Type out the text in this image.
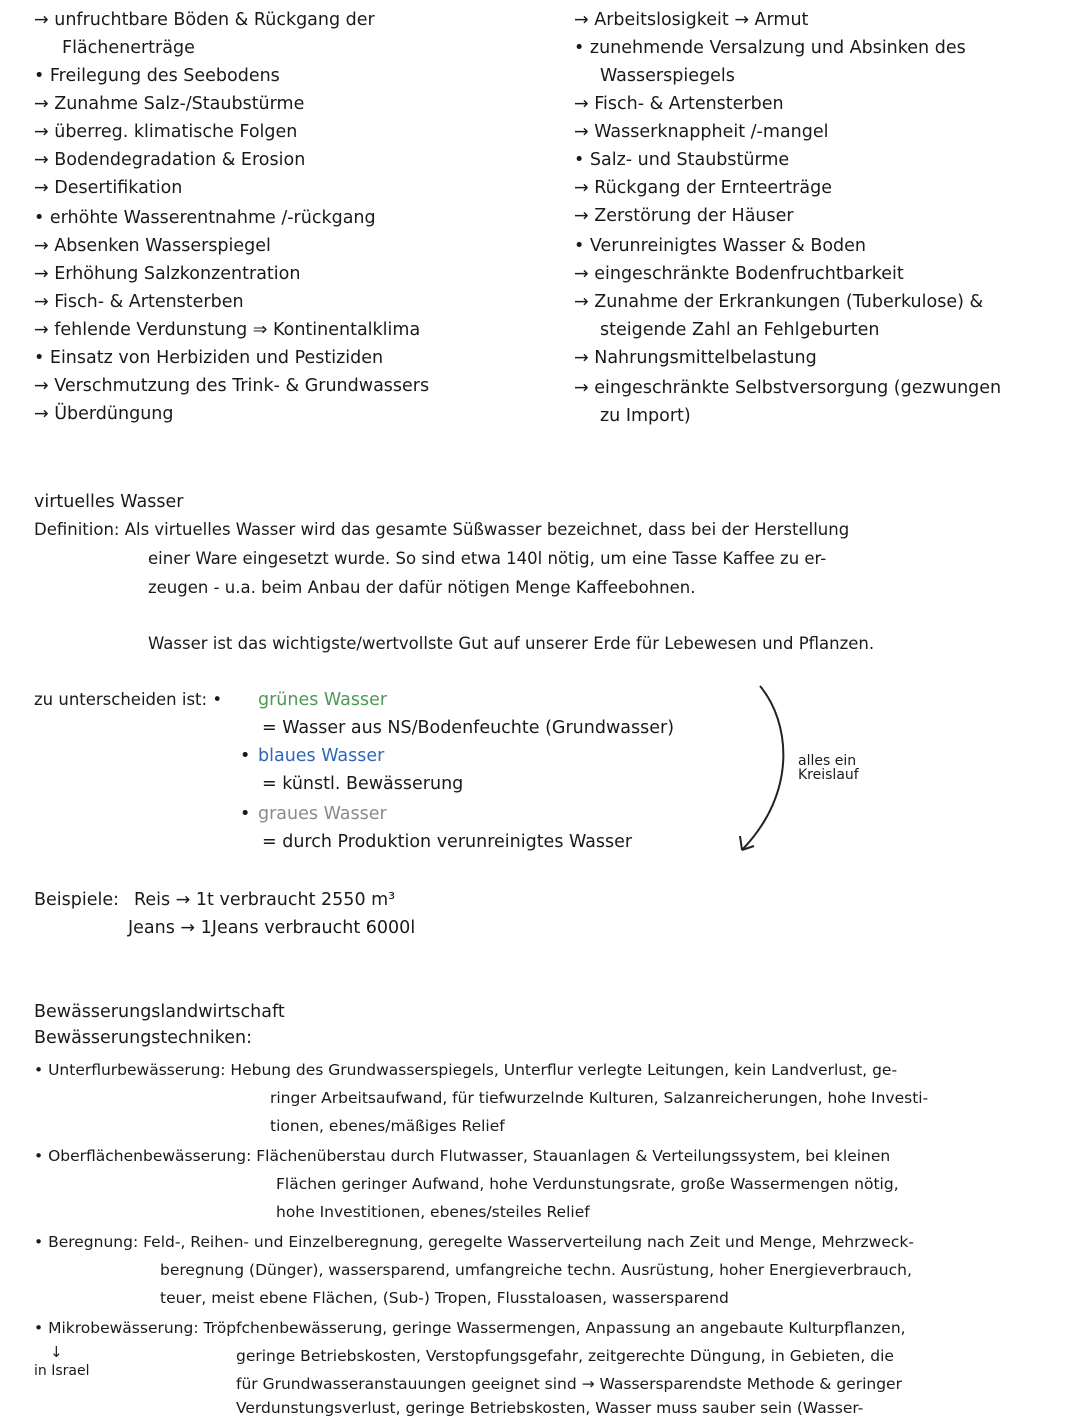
→ unfruchtbare Böden & Rückgang der
Flächenerträge
• Freilegung des Seebodens
→ Zunahme Salz-/Staubstürme
→ überreg. klimatische Folgen
→ Bodendegradation & Erosion
→ Desertifikation
• erhöhte Wasserentnahme /-rückgang
→ Absenken Wasserspiegel
→ Erhöhung Salzkonzentration
→ Fisch- & Artensterben
→ fehlende Verdunstung ⇒ Kontinentalklima
• Einsatz von Herbiziden und Pestiziden
→ Verschmutzung des Trink- & Grundwassers
→ Überdüngung
→ Arbeitslosigkeit → Armut
• zunehmende Versalzung und Absinken des
Wasserspiegels
→ Fisch- & Artensterben
→ Wasserknappheit /-mangel
• Salz- und Staubstürme
→ Rückgang der Ernteerträge
→ Zerstörung der Häuser
• Verunreinigtes Wasser & Boden
→ eingeschränkte Bodenfruchtbarkeit
→ Zunahme der Erkrankungen (Tuberkulose) &
steigende Zahl an Fehlgeburten
→ Nahrungsmittelbelastung
→ eingeschränkte Selbstversorgung (gezwungen
zu Import)
virtuelles Wasser
Definition: Als virtuelles Wasser wird das gesamte Süßwasser bezeichnet, dass bei der Herstellung
einer Ware eingesetzt wurde. So sind etwa 140l nötig, um eine Tasse Kaffee zu er-
zeugen - u.a. beim Anbau der dafür nötigen Menge Kaffeebohnen.
Wasser ist das wichtigste/wertvollste Gut auf unserer Erde für Lebewesen und Pflanzen.
zu unterscheiden ist: • grünes Wasser
= Wasser aus NS/Bodenfeuchte (Grundwasser)
• blaues Wasser
= künstl. Bewässerung
• graues Wasser
= durch Produktion verunreinigtes Wasser
alles ein
Kreislauf
Beispiele: Reis → 1t verbraucht 2550 m³
Jeans → 1Jeans verbraucht 6000l
Bewässerungslandwirtschaft
Bewässerungstechniken:
• Unterflurbewässerung: Hebung des Grundwasserspiegels, Unterflur verlegte Leitungen, kein Landverlust, ge-
ringer Arbeitsaufwand, für tiefwurzelnde Kulturen, Salzanreicherungen, hohe Investi-
tionen, ebenes/mäßiges Relief
• Oberflächenbewässerung: Flächenüberstau durch Flutwasser, Stauanlagen & Verteilungssystem, bei kleinen
Flächen geringer Aufwand, hohe Verdunstungsrate, große Wassermengen nötig,
hohe Investitionen, ebenes/steiles Relief
• Beregnung: Feld-, Reihen- und Einzelberegnung, geregelte Wasserverteilung nach Zeit und Menge, Mehrzweck-
beregnung (Dünger), wassersparend, umfangreiche techn. Ausrüstung, hoher Energieverbrauch,
teuer, meist ebene Flächen, (Sub-) Tropen, Flusstaloasen, wassersparend
• Mikrobewässerung: Tröpfchenbewässerung, geringe Wassermengen, Anpassung an angebaute Kulturpflanzen,
geringe Betriebskosten, Verstopfungsgefahr, zeitgerechte Düngung, in Gebieten, die
für Grundwasseranstauungen geeignet sind → Wassersparendste Methode & geringer
Verdunstungsverlust, geringe Betriebskosten, Wasser muss sauber sein (Wasser-
↓
in Israel
